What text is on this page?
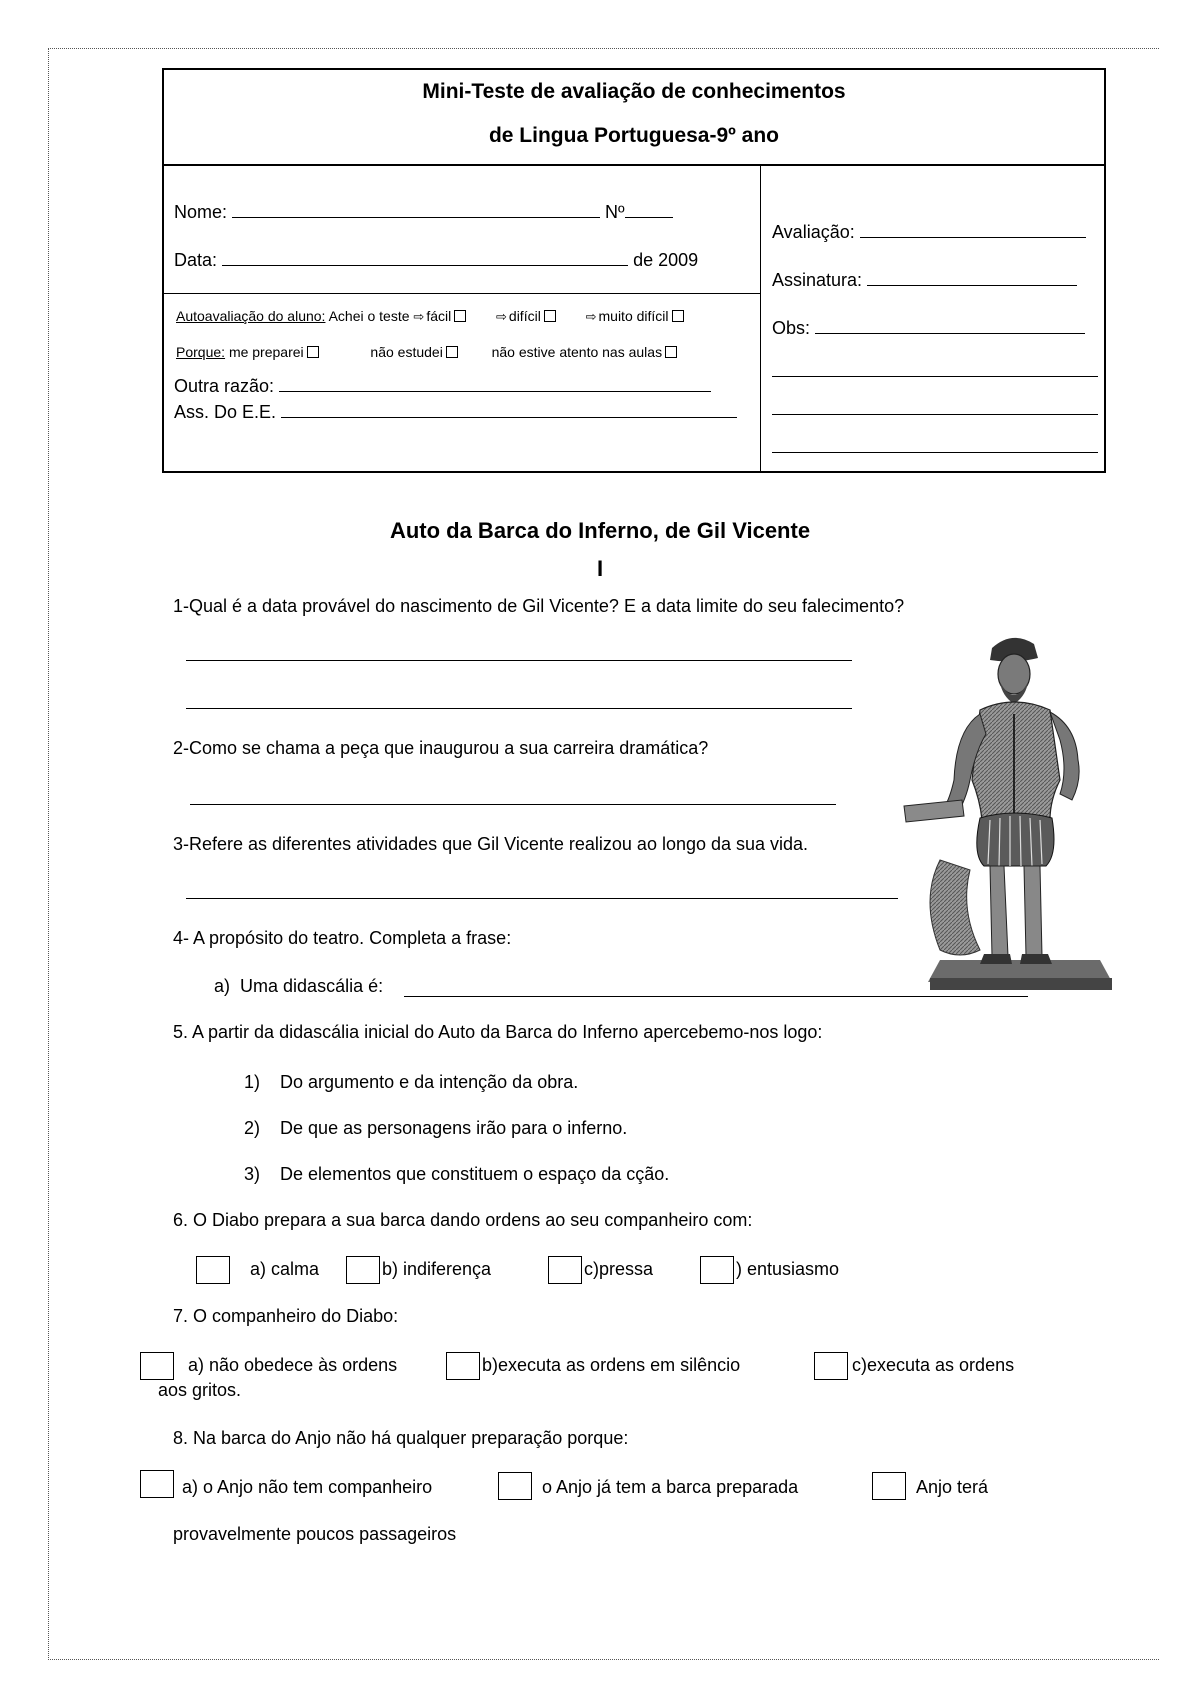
Mini-Teste de avaliação de conhecimentos
de Lingua Portuguesa-9º ano
Nome:	Nº
Data:	de 2009
Autoavaliação do aluno: Achei o teste ⇨ fácil	⇨ difícil	⇨ muito difícil
Porque: me preparei	não estudei	não estive atento nas aulas
Outra razão:
Ass. Do E.E.
Avaliação:
Assinatura:
Obs:
Auto da Barca do Inferno, de Gil Vicente
I
1-Qual é a data provável do nascimento de Gil Vicente? E a data limite do seu falecimento?
2-Como se chama a peça que inaugurou a sua carreira dramática?
3-Refere as diferentes atividades que Gil Vicente realizou ao longo da sua vida.
4- A propósito do teatro. Completa a frase:
a) Uma didascália é:
5. A partir da didascália inicial do Auto da Barca do Inferno apercebemo-nos logo:
1) Do argumento e da intenção da obra.
2) De que as personagens irão para o inferno.
3) De elementos que constituem o espaço da cção.
6. O Diabo prepara a sua barca dando ordens ao seu companheiro com:
a) calma	b) indiferença	c)pressa	) entusiasmo
7. O companheiro do Diabo:
a) não obedece às ordens	b)executa as ordens em silêncio	c)executa as ordens
aos gritos.
8. Na barca do Anjo não há qualquer preparação porque:
a) o Anjo não tem companheiro	o Anjo já tem a barca preparada	Anjo terá
provavelmente poucos passageiros
